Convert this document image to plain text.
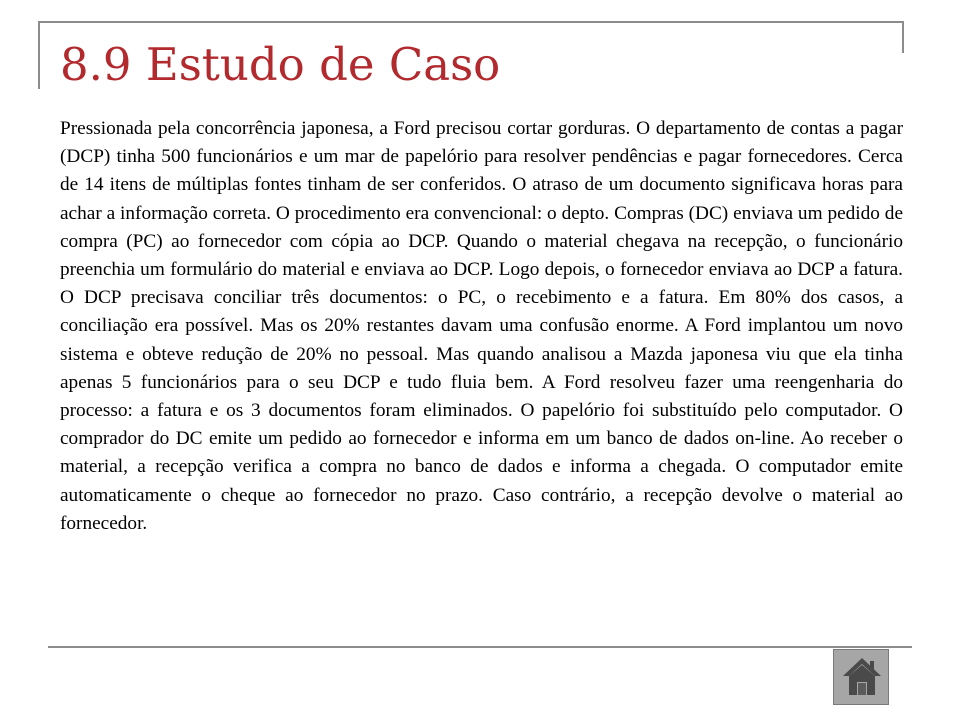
8.9 Estudo de Caso

Pressionada pela concorrência japonesa, a Ford precisou cortar gorduras. O departamento de contas a pagar (DCP) tinha 500 funcionários e um mar de papelório para resolver pendências e pagar fornecedores. Cerca de 14 itens de múltiplas fontes tinham de ser conferidos. O atraso de um documento significava horas para achar a informação correta. O procedimento era convencional: o depto. Compras (DC) enviava um pedido de compra (PC) ao fornecedor com cópia ao DCP. Quando o material chegava na recepção, o funcionário preenchia um formulário do material e enviava ao DCP. Logo depois, o fornecedor enviava ao DCP a fatura. O DCP precisava conciliar três documentos: o PC, o recebimento e a fatura. Em 80% dos casos, a conciliação era possível. Mas os 20% restantes davam uma confusão enorme. A Ford implantou um novo sistema e obteve redução de 20% no pessoal. Mas quando analisou a Mazda japonesa viu que ela tinha apenas 5 funcionários para o seu DCP e tudo fluia bem. A Ford resolveu fazer uma reengenharia do processo: a fatura e os 3 documentos foram eliminados. O papelório foi substituído pelo computador. O comprador do DC emite um pedido ao fornecedor e informa em um banco de dados on-line. Ao receber o material, a recepção verifica a compra no banco de dados e informa a chegada. O computador emite automaticamente o cheque ao fornecedor no prazo. Caso contrário, a recepção devolve o material ao fornecedor.
